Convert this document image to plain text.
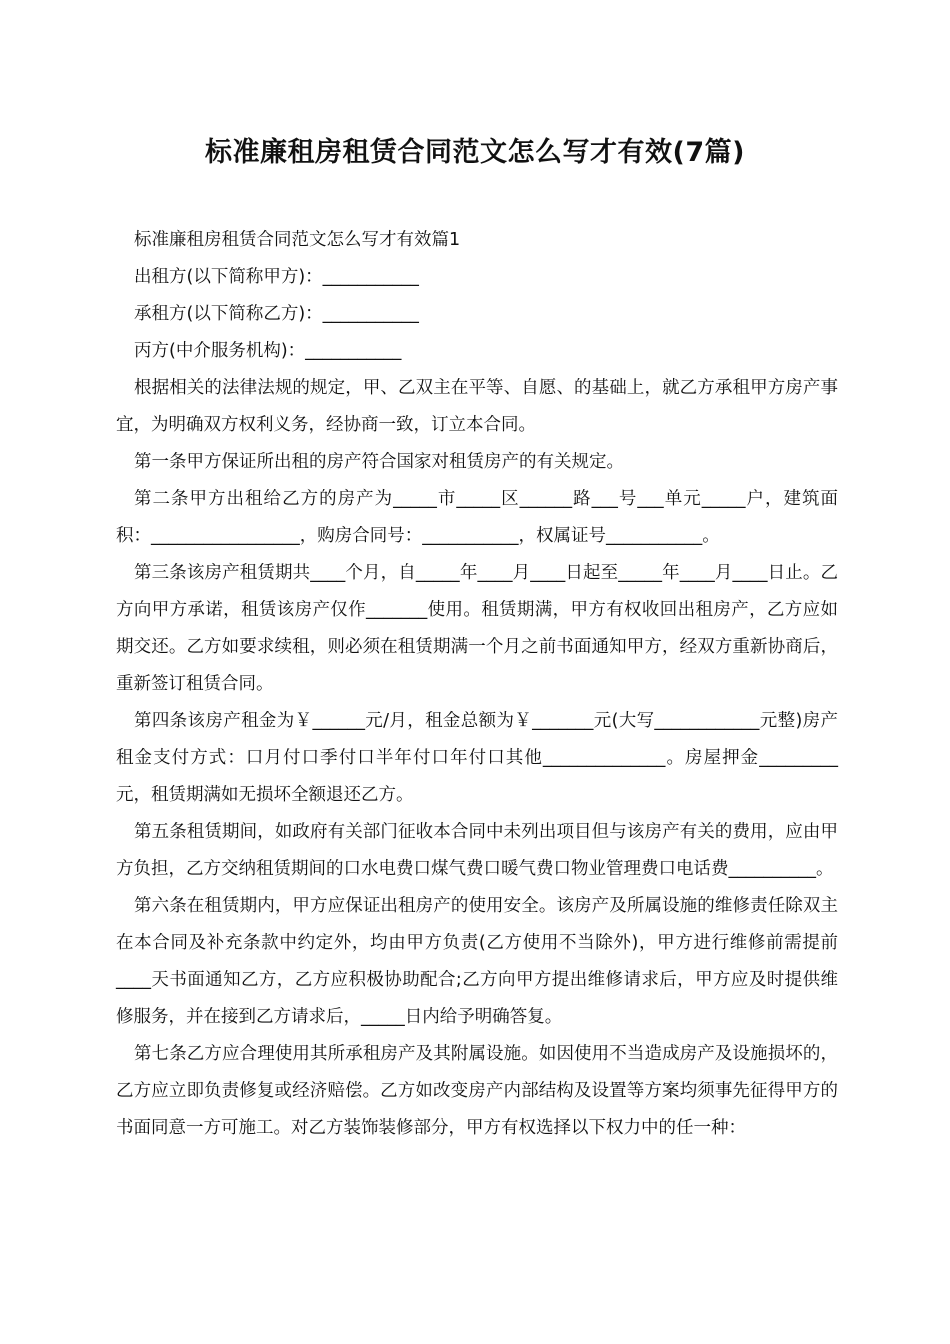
标准廉租房租赁合同范文怎么写才有效(7篇)

标准廉租房租赁合同范文怎么写才有效篇1

出租方(以下简称甲方)：___________

承租方(以下简称乙方)：___________

丙方(中介服务机构)：___________

根据相关的法律法规的规定，甲、乙双主在平等、自愿、的基础上，就乙方承租甲方房产事宜，为明确双方权利义务，经协商一致，订立本合同。

第一条甲方保证所出租的房产符合国家对租赁房产的有关规定。

第二条甲方出租给乙方的房产为_____市_____区______路___号___单元_____户，建筑面积：_________________，购房合同号：___________，权属证号___________。

第三条该房产租赁期共____个月，自_____年____月____日起至_____年____月____日止。乙方向甲方承诺，租赁该房产仅作_______使用。租赁期满，甲方有权收回出租房产，乙方应如期交还。乙方如要求续租，则必须在租赁期满一个月之前书面通知甲方，经双方重新协商后，重新签订租赁合同。

第四条该房产租金为￥______元/月，租金总额为￥_______元(大写____________元整)房产租金支付方式：口月付口季付口半年付口年付口其他______________。房屋押金_________元，租赁期满如无损坏全额退还乙方。

第五条租赁期间，如政府有关部门征收本合同中未列出项目但与该房产有关的费用，应由甲方负担，乙方交纳租赁期间的口水电费口煤气费口暖气费口物业管理费口电话费__________。

第六条在租赁期内，甲方应保证出租房产的使用安全。该房产及所属设施的维修责任除双主在本合同及补充条款中约定外，均由甲方负责(乙方使用不当除外)，甲方进行维修前需提前____天书面通知乙方，乙方应积极协助配合;乙方向甲方提出维修请求后，甲方应及时提供维修服务，并在接到乙方请求后，_____日内给予明确答复。

第七条乙方应合理使用其所承租房产及其附属设施。如因使用不当造成房产及设施损坏的，乙方应立即负责修复或经济赔偿。乙方如改变房产内部结构及设置等方案均须事先征得甲方的书面同意一方可施工。对乙方装饰装修部分，甲方有权选择以下权力中的任一种：
